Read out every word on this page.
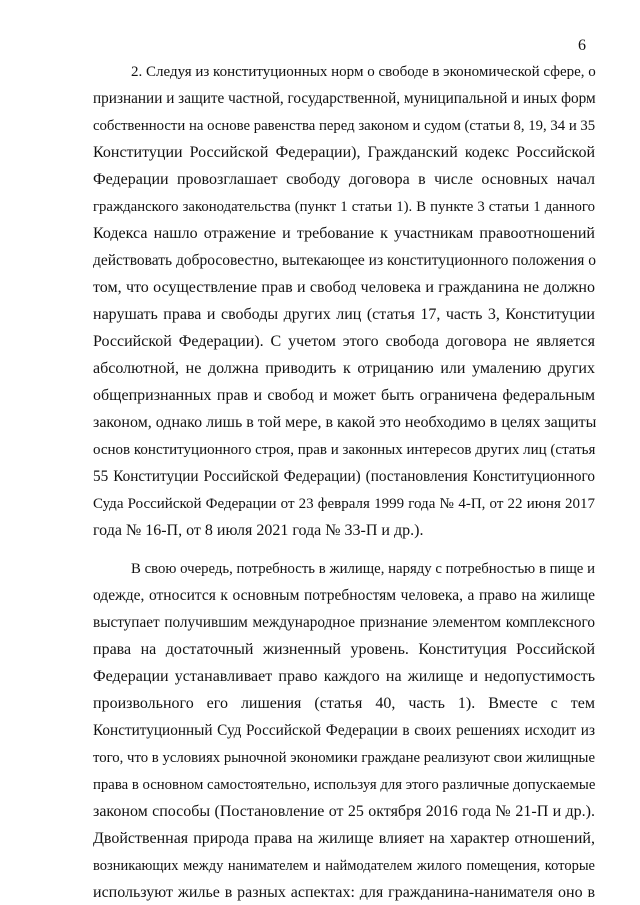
6
2. Следуя из конституционных норм о свободе в экономической сфере, о
признании и защите частной, государственной, муниципальной и иных форм
собственности на основе равенства перед законом и судом (статьи 8, 19, 34 и 35
Конституции Российской Федерации), Гражданский кодекс Российской
Федерации провозглашает свободу договора в числе основных начал
гражданского законодательства (пункт 1 статьи 1). В пункте 3 статьи 1 данного
Кодекса нашло отражение и требование к участникам правоотношений
действовать добросовестно, вытекающее из конституционного положения о
том, что осуществление прав и свобод человека и гражданина не должно
нарушать права и свободы других лиц (статья 17, часть 3, Конституции
Российской Федерации). С учетом этого свобода договора не является
абсолютной, не должна приводить к отрицанию или умалению других
общепризнанных прав и свобод и может быть ограничена федеральным
законом, однако лишь в той мере, в какой это необходимо в целях защиты
основ конституционного строя, прав и законных интересов других лиц (статья
55 Конституции Российской Федерации) (постановления Конституционного
Суда Российской Федерации от 23 февраля 1999 года № 4-П, от 22 июня 2017
года № 16-П, от 8 июля 2021 года № 33-П и др.).
В свою очередь, потребность в жилище, наряду с потребностью в пище и
одежде, относится к основным потребностям человека, а право на жилище
выступает получившим международное признание элементом комплексного
права на достаточный жизненный уровень. Конституция Российской
Федерации устанавливает право каждого на жилище и недопустимость
произвольного его лишения (статья 40, часть 1). Вместе с тем
Конституционный Суд Российской Федерации в своих решениях исходит из
того, что в условиях рыночной экономики граждане реализуют свои жилищные
права в основном самостоятельно, используя для этого различные допускаемые
законом способы (Постановление от 25 октября 2016 года № 21-П и др.).
Двойственная природа права на жилище влияет на характер отношений,
возникающих между нанимателем и наймодателем жилого помещения, которые
используют жилье в разных аспектах: для гражданина-нанимателя оно в
